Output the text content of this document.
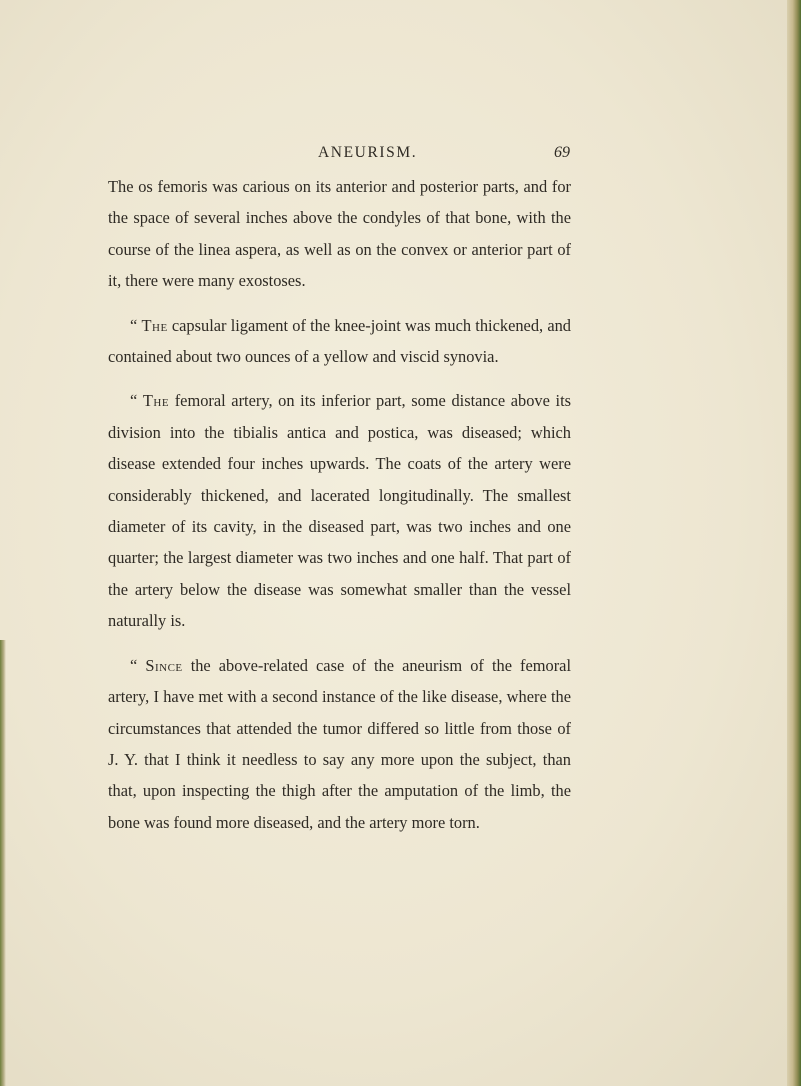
ANEURISM.	69

The os femoris was carious on its anterior and posterior parts, and for the space of several inches above the condyles of that bone, with the course of the linea aspera, as well as on the convex or anterior part of it, there were many exostoses.

“ The capsular ligament of the knee-joint was much thickened, and contained about two ounces of a yellow and viscid synovia.

“ The femoral artery, on its inferior part, some distance above its division into the tibialis antica and postica, was diseased; which disease extended four inches upwards. The coats of the artery were considerably thickened, and lacerated longitudinally. The smallest diameter of its cavity, in the diseased part, was two inches and one quarter; the largest diameter was two inches and one half. That part of the artery below the disease was somewhat smaller than the vessel naturally is.

“ Since the above-related case of the aneurism of the femoral artery, I have met with a second instance of the like disease, where the circumstances that attended the tumor differed so little from those of J. Y. that I think it needless to say any more upon the subject, than that, upon inspecting the thigh after the amputation of the limb, the bone was found more diseased, and the artery more torn.
